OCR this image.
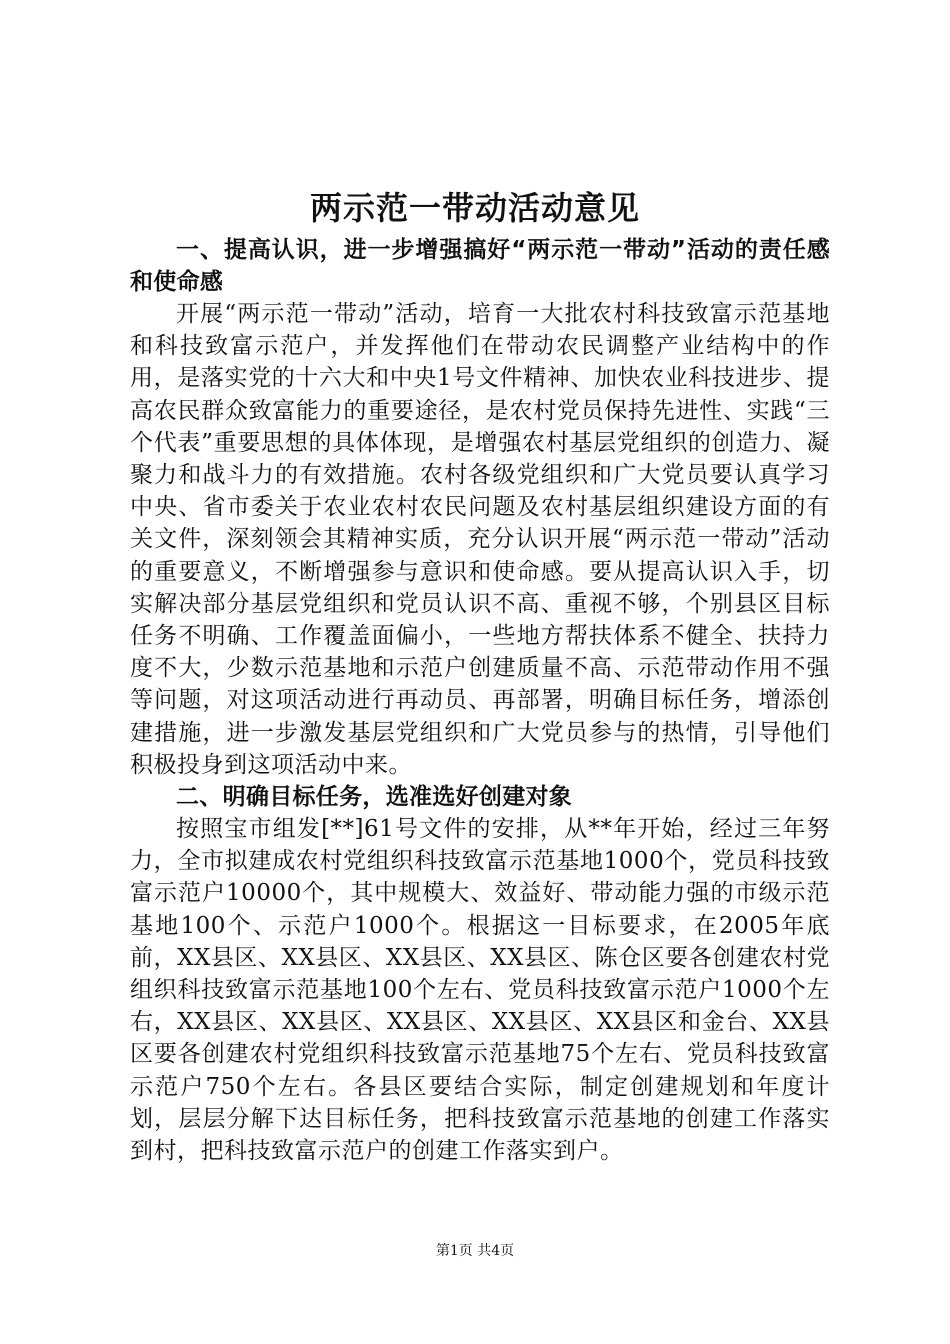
两示范一带动活动意见

一、提高认识，进一步增强搞好“两示范一带动”活动的责任感和使命感

开展“两示范一带动”活动，培育一大批农村科技致富示范基地和科技致富示范户，并发挥他们在带动农民调整产业结构中的作用，是落实党的十六大和中央1号文件精神、加快农业科技进步、提高农民群众致富能力的重要途径，是农村党员保持先进性、实践“三个代表”重要思想的具体体现，是增强农村基层党组织的创造力、凝聚力和战斗力的有效措施。农村各级党组织和广大党员要认真学习中央、省市委关于农业农村农民问题及农村基层组织建设方面的有关文件，深刻领会其精神实质，充分认识开展“两示范一带动”活动的重要意义，不断增强参与意识和使命感。要从提高认识入手，切实解决部分基层党组织和党员认识不高、重视不够，个别县区目标任务不明确、工作覆盖面偏小，一些地方帮扶体系不健全、扶持力度不大，少数示范基地和示范户创建质量不高、示范带动作用不强等问题，对这项活动进行再动员、再部署，明确目标任务，增添创建措施，进一步激发基层党组织和广大党员参与的热情，引导他们积极投身到这项活动中来。

二、明确目标任务，选准选好创建对象

按照宝市组发[**]61号文件的安排，从**年开始，经过三年努力，全市拟建成农村党组织科技致富示范基地1000个，党员科技致富示范户10000个，其中规模大、效益好、带动能力强的市级示范基地100个、示范户1000个。根据这一目标要求，在2005年底前，XX县区、XX县区、XX县区、XX县区、陈仓区要各创建农村党组织科技致富示范基地100个左右、党员科技致富示范户1000个左右，XX县区、XX县区、XX县区、XX县区、XX县区和金台、XX县区要各创建农村党组织科技致富示范基地75个左右、党员科技致富示范户750个左右。各县区要结合实际，制定创建规划和年度计划，层层分解下达目标任务，把科技致富示范基地的创建工作落实到村，把科技致富示范户的创建工作落实到户。

第1页 共4页
